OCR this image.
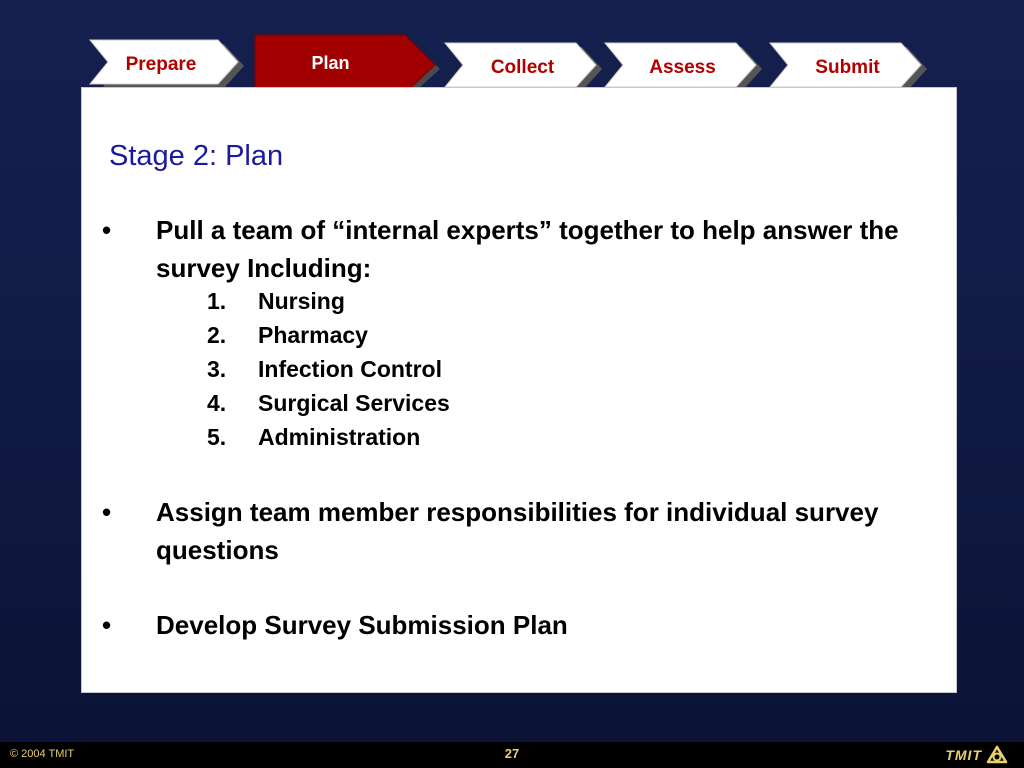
Prepare	Plan	Collect	Assess	Submit
Stage 2: Plan
•	Pull a team of “internal experts” together to help answer the survey Including:
1. Nursing
2. Pharmacy
3. Infection Control
4. Surgical Services
5. Administration
•	Assign team member responsibilities for individual survey questions
•	Develop Survey Submission Plan
© 2004 TMIT	27	TMIT
